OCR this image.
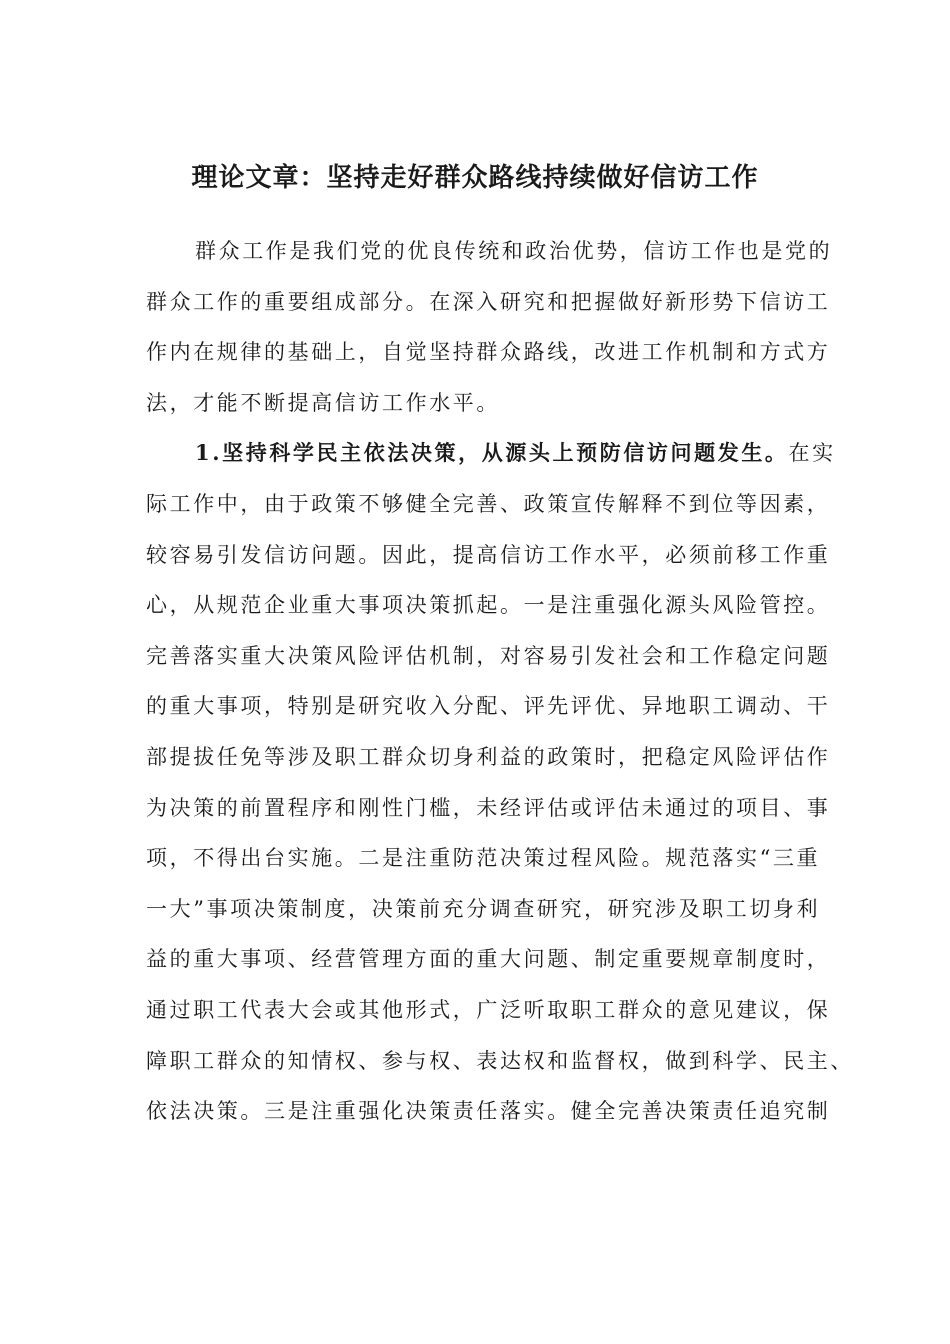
理论文章：坚持走好群众路线持续做好信访工作
群众工作是我们党的优良传统和政治优势，信访工作也是党的
群众工作的重要组成部分。在深入研究和把握做好新形势下信访工
作内在规律的基础上，自觉坚持群众路线，改进工作机制和方式方
法，才能不断提高信访工作水平。
1.坚持科学民主依法决策，从源头上预防信访问题发生。在实
际工作中，由于政策不够健全完善、政策宣传解释不到位等因素，
较容易引发信访问题。因此，提高信访工作水平，必须前移工作重
心，从规范企业重大事项决策抓起。一是注重强化源头风险管控。
完善落实重大决策风险评估机制，对容易引发社会和工作稳定问题
的重大事项，特别是研究收入分配、评先评优、异地职工调动、干
部提拔任免等涉及职工群众切身利益的政策时，把稳定风险评估作
为决策的前置程序和刚性门槛，未经评估或评估未通过的项目、事
项，不得出台实施。二是注重防范决策过程风险。规范落实“三重
一大”事项决策制度，决策前充分调查研究，研究涉及职工切身利
益的重大事项、经营管理方面的重大问题、制定重要规章制度时，
通过职工代表大会或其他形式，广泛听取职工群众的意见建议，保
障职工群众的知情权、参与权、表达权和监督权，做到科学、民主、
依法决策。三是注重强化决策责任落实。健全完善决策责任追究制
